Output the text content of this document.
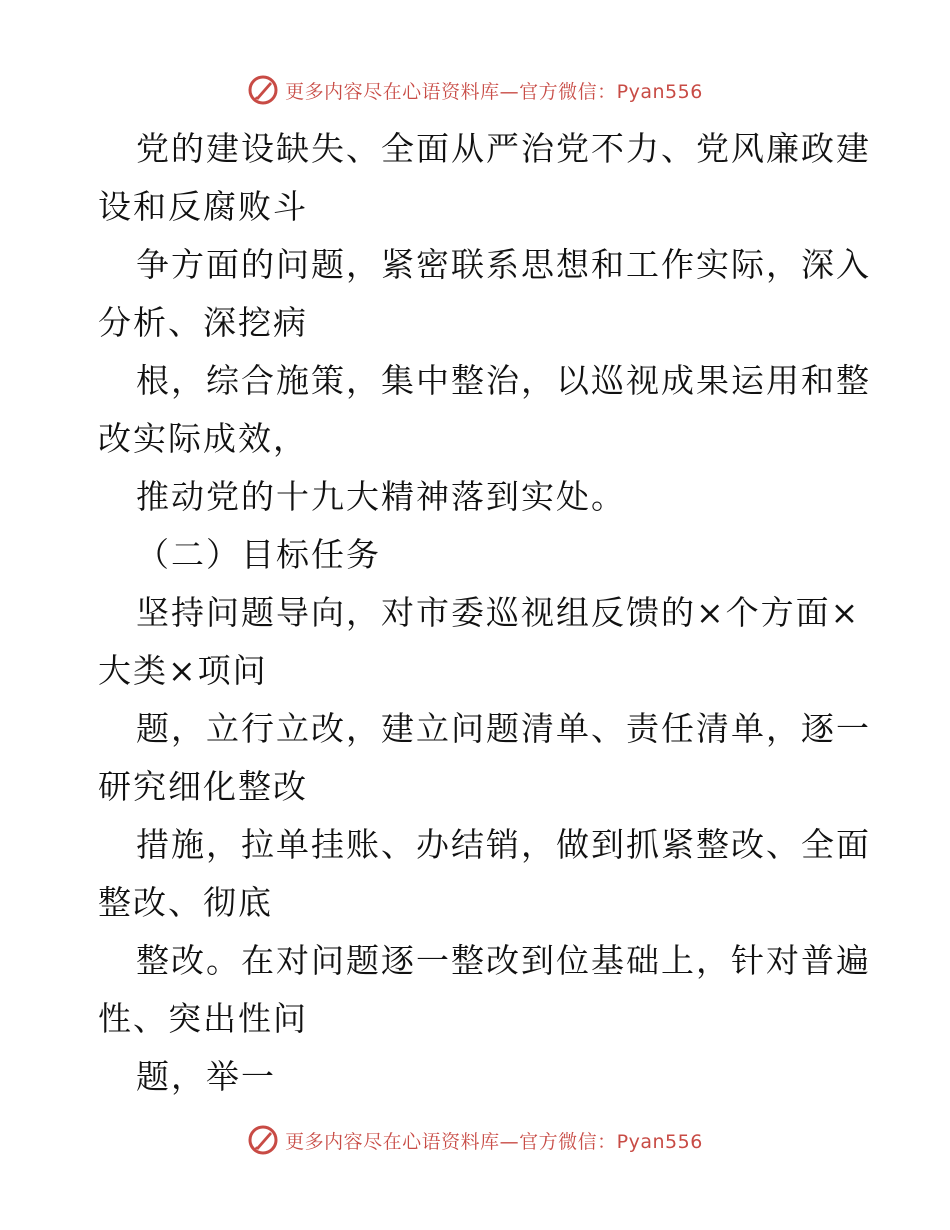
更多内容尽在心语资料库—官方微信：Pyan556
党的建设缺失、全面从严治党不力、党风廉政建
设和反腐败斗
争方面的问题，紧密联系思想和工作实际，深入
分析、深挖病
根，综合施策，集中整治，以巡视成果运用和整
改实际成效，
推动党的十九大精神落到实处。
（二）目标任务
坚持问题导向，对市委巡视组反馈的×个方面×
大类×项问
题，立行立改，建立问题清单、责任清单，逐一
研究细化整改
措施，拉单挂账、办结销，做到抓紧整改、全面
整改、彻底
整改。在对问题逐一整改到位基础上，针对普遍
性、突出性问
题，举一
更多内容尽在心语资料库—官方微信：Pyan556
